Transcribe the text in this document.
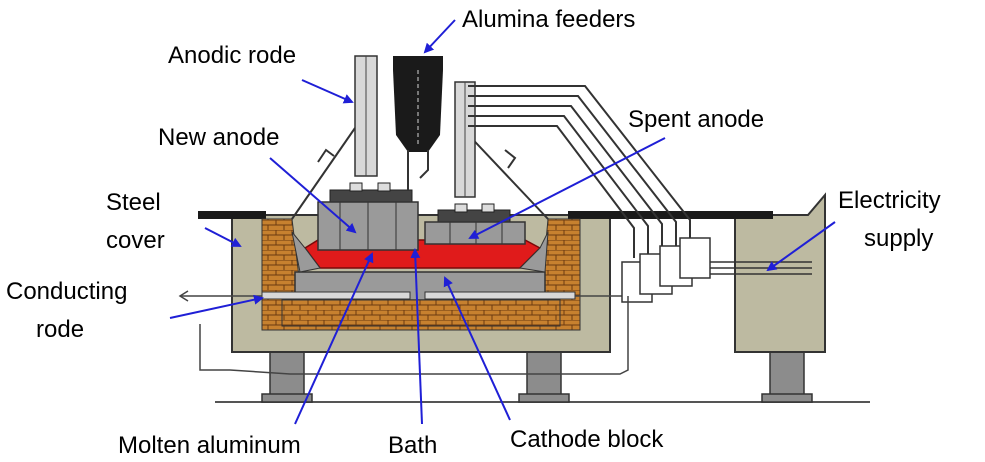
Alumina feeders
Anodic rode
New anode
Spent anode
Steel
cover
Electricity
supply
Conducting
rode
Molten aluminum	Bath	Cathode block
